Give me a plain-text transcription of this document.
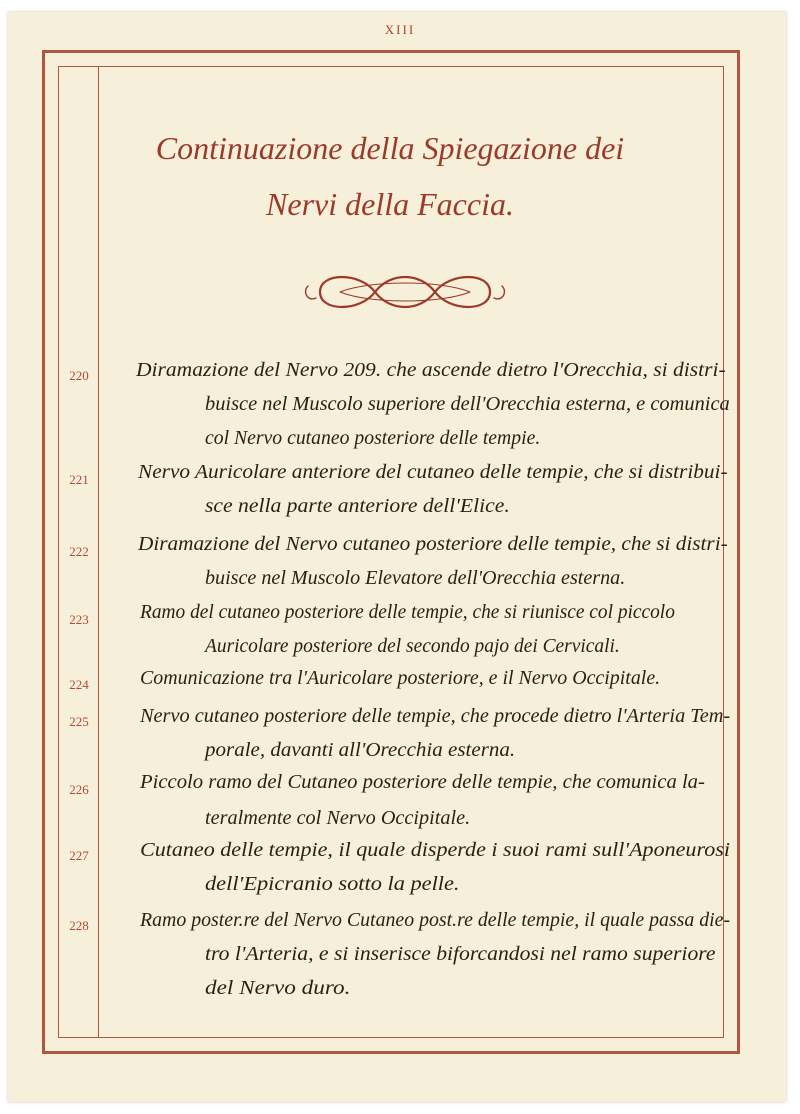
XIII
Continuazione della Spiegazione dei
Nervi della Faccia.
220	Diramazione del Nervo 209. che ascende dietro l'Orecchia, si distri-
buisce nel Muscolo superiore dell'Orecchia esterna, e comunica
col Nervo cutaneo posteriore delle tempie.
221	Nervo Auricolare anteriore del cutaneo delle tempie, che si distribui-
sce nella parte anteriore dell'Elice.
222	Diramazione del Nervo cutaneo posteriore delle tempie, che si distri-
buisce nel Muscolo Elevatore dell'Orecchia esterna.
223	Ramo del cutaneo posteriore delle tempie, che si riunisce col piccolo
Auricolare posteriore del secondo pajo dei Cervicali.
224	Comunicazione tra l'Auricolare posteriore, e il Nervo Occipitale.
225	Nervo cutaneo posteriore delle tempie, che procede dietro l'Arteria Tem-
porale, davanti all'Orecchia esterna.
226	Piccolo ramo del Cutaneo posteriore delle tempie, che comunica la-
teralmente col Nervo Occipitale.
227	Cutaneo delle tempie, il quale disperde i suoi rami sull'Aponeurosi
dell'Epicranio sotto la pelle.
228	Ramo poster.re del Nervo Cutaneo post.re delle tempie, il quale passa die-
tro l'Arteria, e si inserisce biforcandosi nel ramo superiore
del Nervo duro.
